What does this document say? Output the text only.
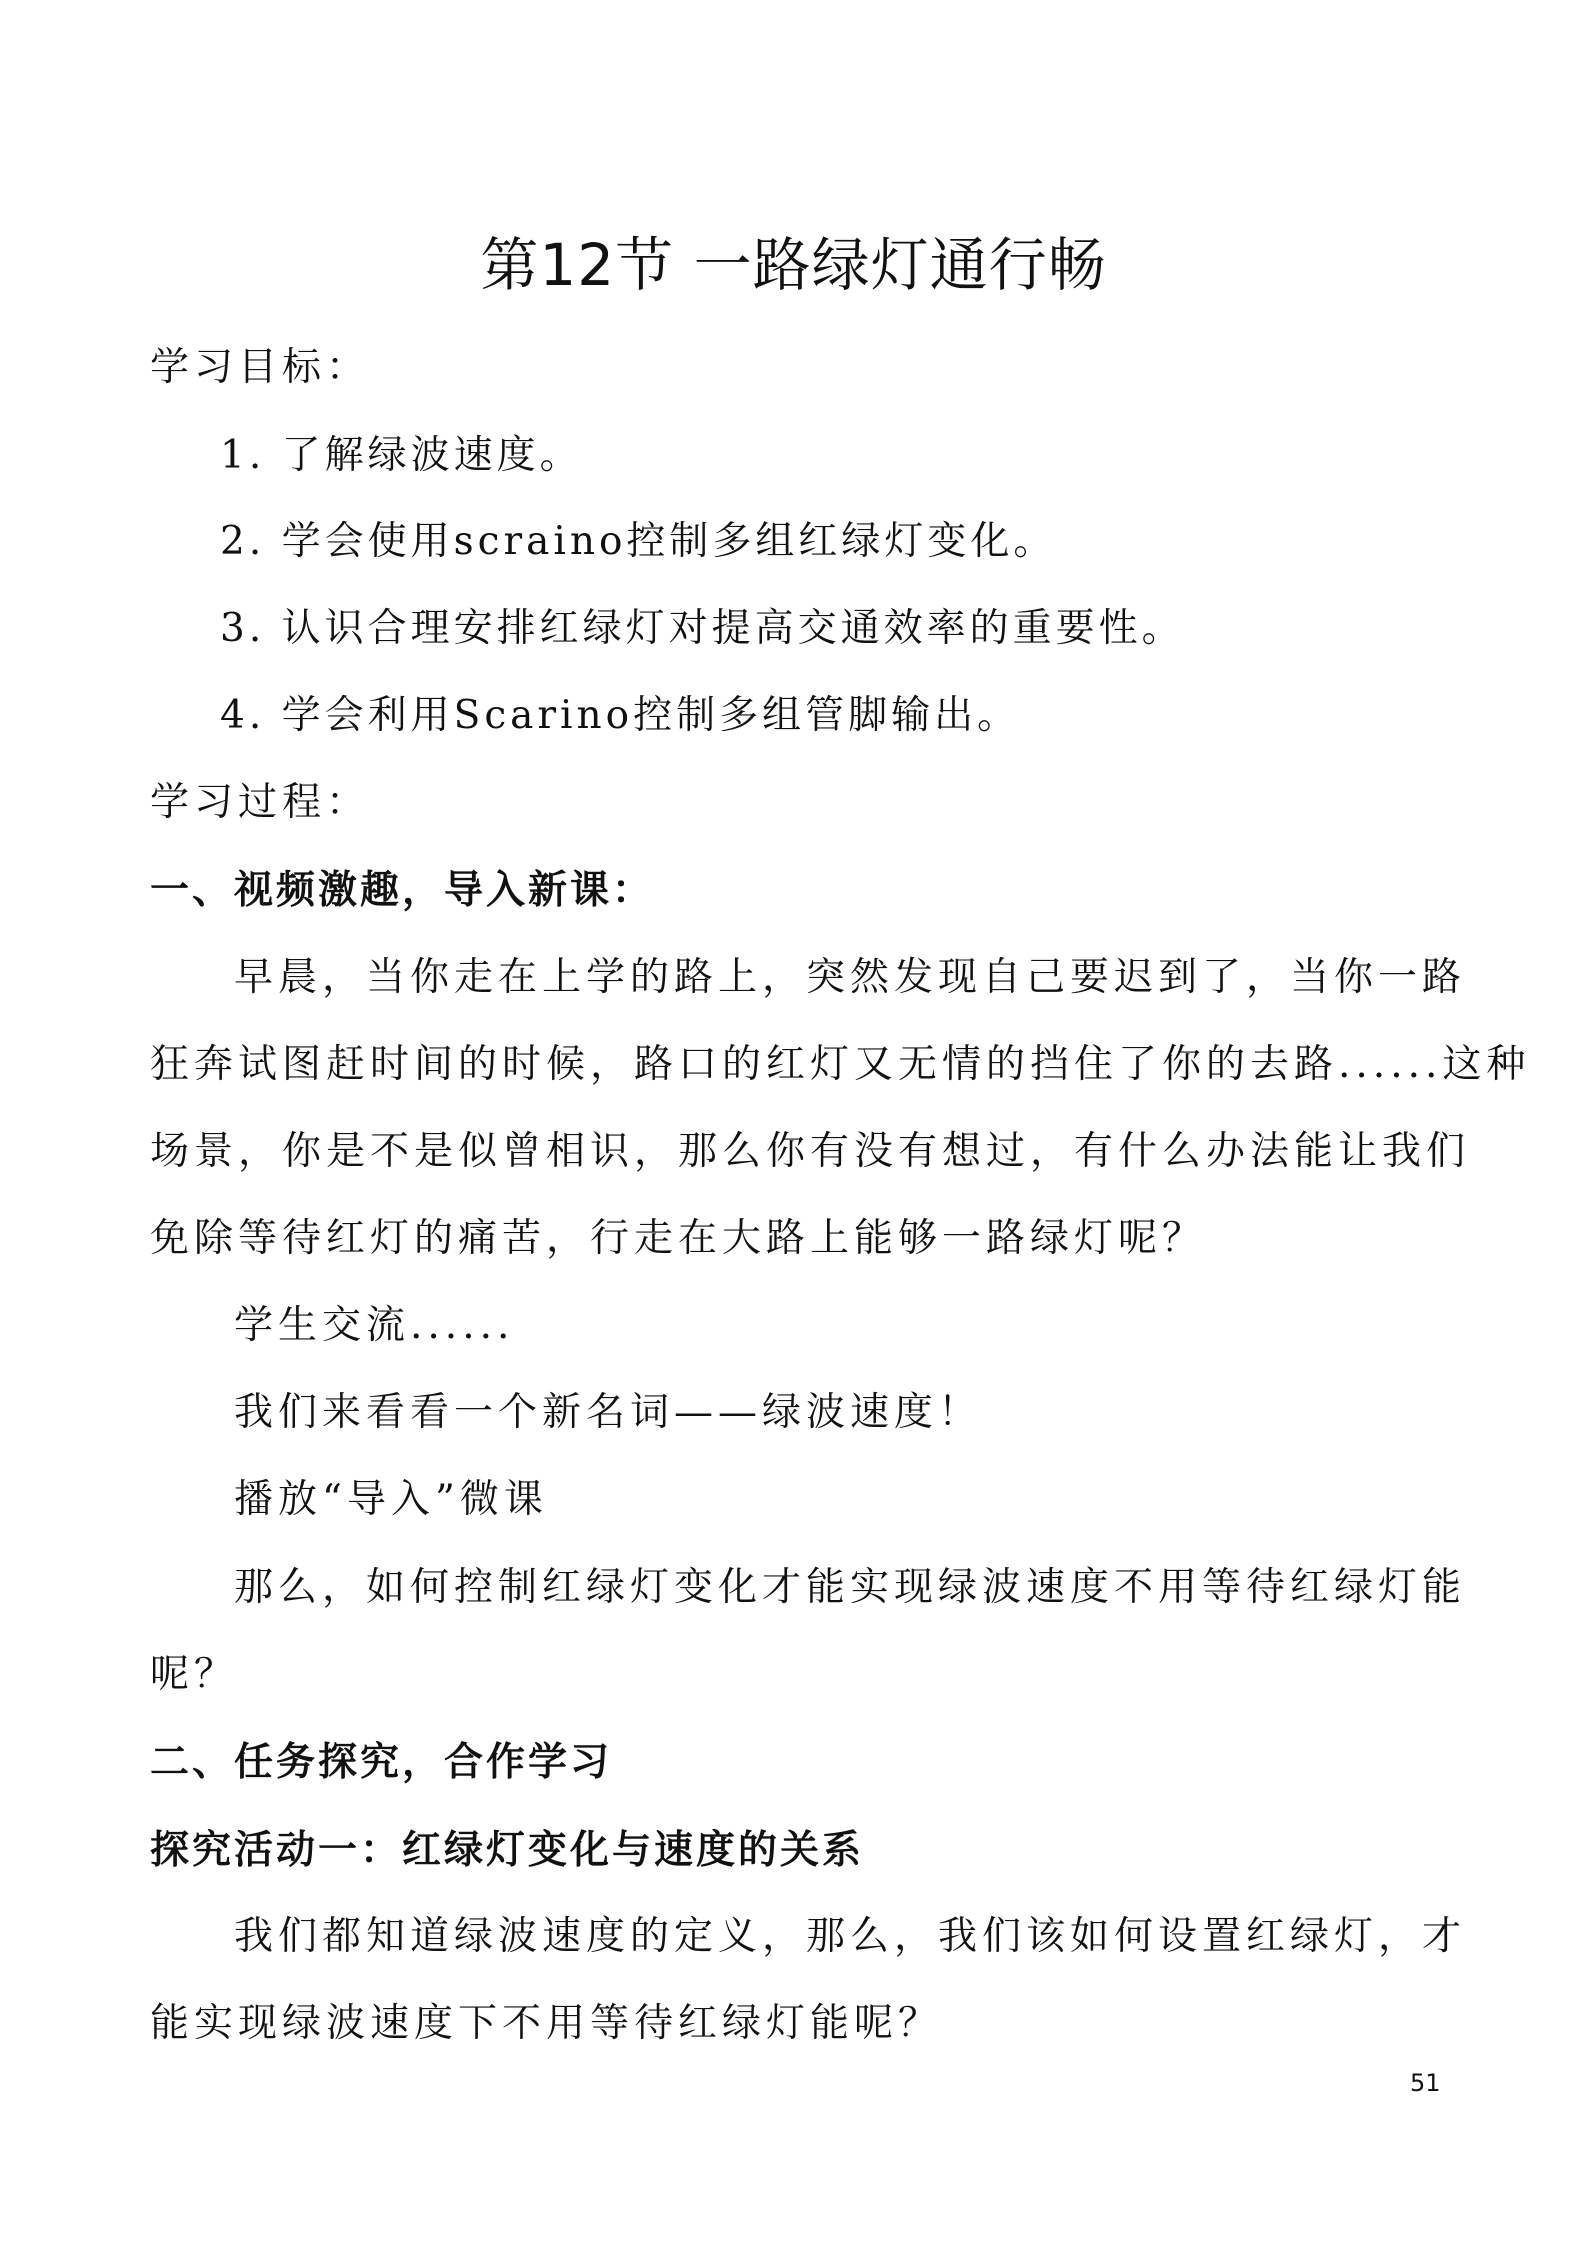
第12节 一路绿灯通行畅

学习目标：

1. 了解绿波速度。

2. 学会使用scraino控制多组红绿灯变化。

3. 认识合理安排红绿灯对提高交通效率的重要性。

4. 学会利用Scarino控制多组管脚输出。

学习过程：

一、视频激趣，导入新课：

早晨，当你走在上学的路上，突然发现自己要迟到了，当你一路

狂奔试图赶时间的时候，路口的红灯又无情的挡住了你的去路......这种

场景，你是不是似曾相识，那么你有没有想过，有什么办法能让我们

免除等待红灯的痛苦，行走在大路上能够一路绿灯呢？

学生交流......

我们来看看一个新名词——绿波速度！

播放“导入”微课

那么，如何控制红绿灯变化才能实现绿波速度不用等待红绿灯能

呢？

二、任务探究，合作学习

探究活动一：红绿灯变化与速度的关系

我们都知道绿波速度的定义，那么，我们该如何设置红绿灯，才

能实现绿波速度下不用等待红绿灯能呢？

51
